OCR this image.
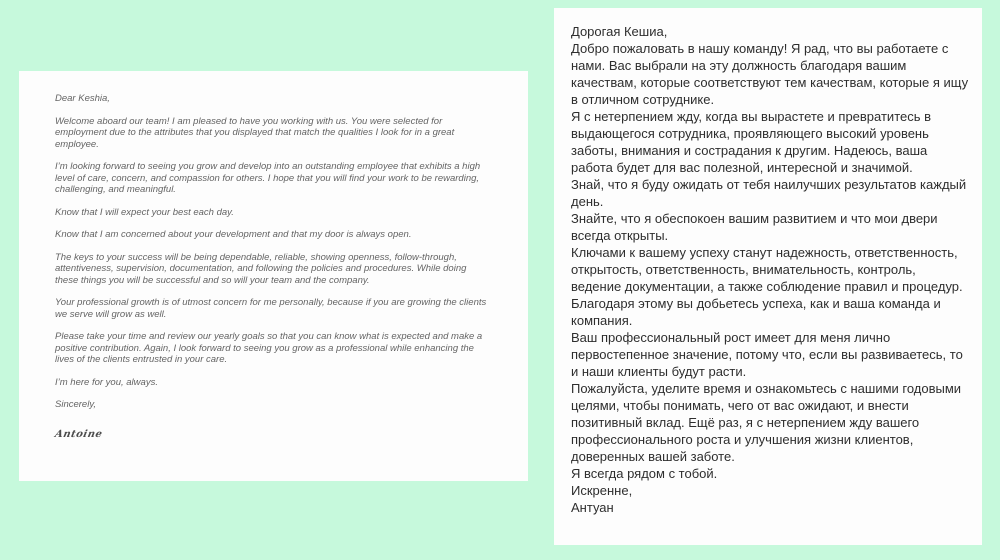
Dear Keshia,

Welcome aboard our team! I am pleased to have you working with us. You were selected for employment due to the attributes that you displayed that match the qualities I look for in a great employee.

I’m looking forward to seeing you grow and develop into an outstanding employee that exhibits a high level of care, concern, and compassion for others. I hope that you will find your work to be rewarding, challenging, and meaningful.

Know that I will expect your best each day.

Know that I am concerned about your development and that my door is always open.

The keys to your success will be being dependable, reliable, showing openness, follow-through, attentiveness, supervision, documentation, and following the policies and procedures. While doing these things you will be successful and so will your team and the company.

Your professional growth is of utmost concern for me personally, because if you are growing the clients we serve will grow as well.

Please take your time and review our yearly goals so that you can know what is expected and make a positive contribution. Again, I look forward to seeing you grow as a professional while enhancing the lives of the clients entrusted in your care.

I’m here for you, always.

Sincerely,

Antoine

Дорогая Кешиа,

Добро пожаловать в нашу команду! Я рад, что вы работаете с нами. Вас выбрали на эту должность благодаря вашим качествам, которые соответствуют тем качествам, которые я ищу в отличном сотруднике.

Я с нетерпением жду, когда вы вырастете и превратитесь в выдающегося сотрудника, проявляющего высокий уровень заботы, внимания и сострадания к другим. Надеюсь, ваша работа будет для вас полезной, интересной и значимой.

Знай, что я буду ожидать от тебя наилучших результатов каждый день.

Знайте, что я обеспокоен вашим развитием и что мои двери всегда открыты.

Ключами к вашему успеху станут надежность, ответственность, открытость, ответственность, внимательность, контроль, ведение документации, а также соблюдение правил и процедур. Благодаря этому вы добьетесь успеха, как и ваша команда и компания.

Ваш профессиональный рост имеет для меня лично первостепенное значение, потому что, если вы развиваетесь, то и наши клиенты будут расти.

Пожалуйста, уделите время и ознакомьтесь с нашими годовыми целями, чтобы понимать, чего от вас ожидают, и внести позитивный вклад. Ещё раз, я с нетерпением жду вашего профессионального роста и улучшения жизни клиентов, доверенных вашей заботе.

Я всегда рядом с тобой.

Искренне,

Антуан
